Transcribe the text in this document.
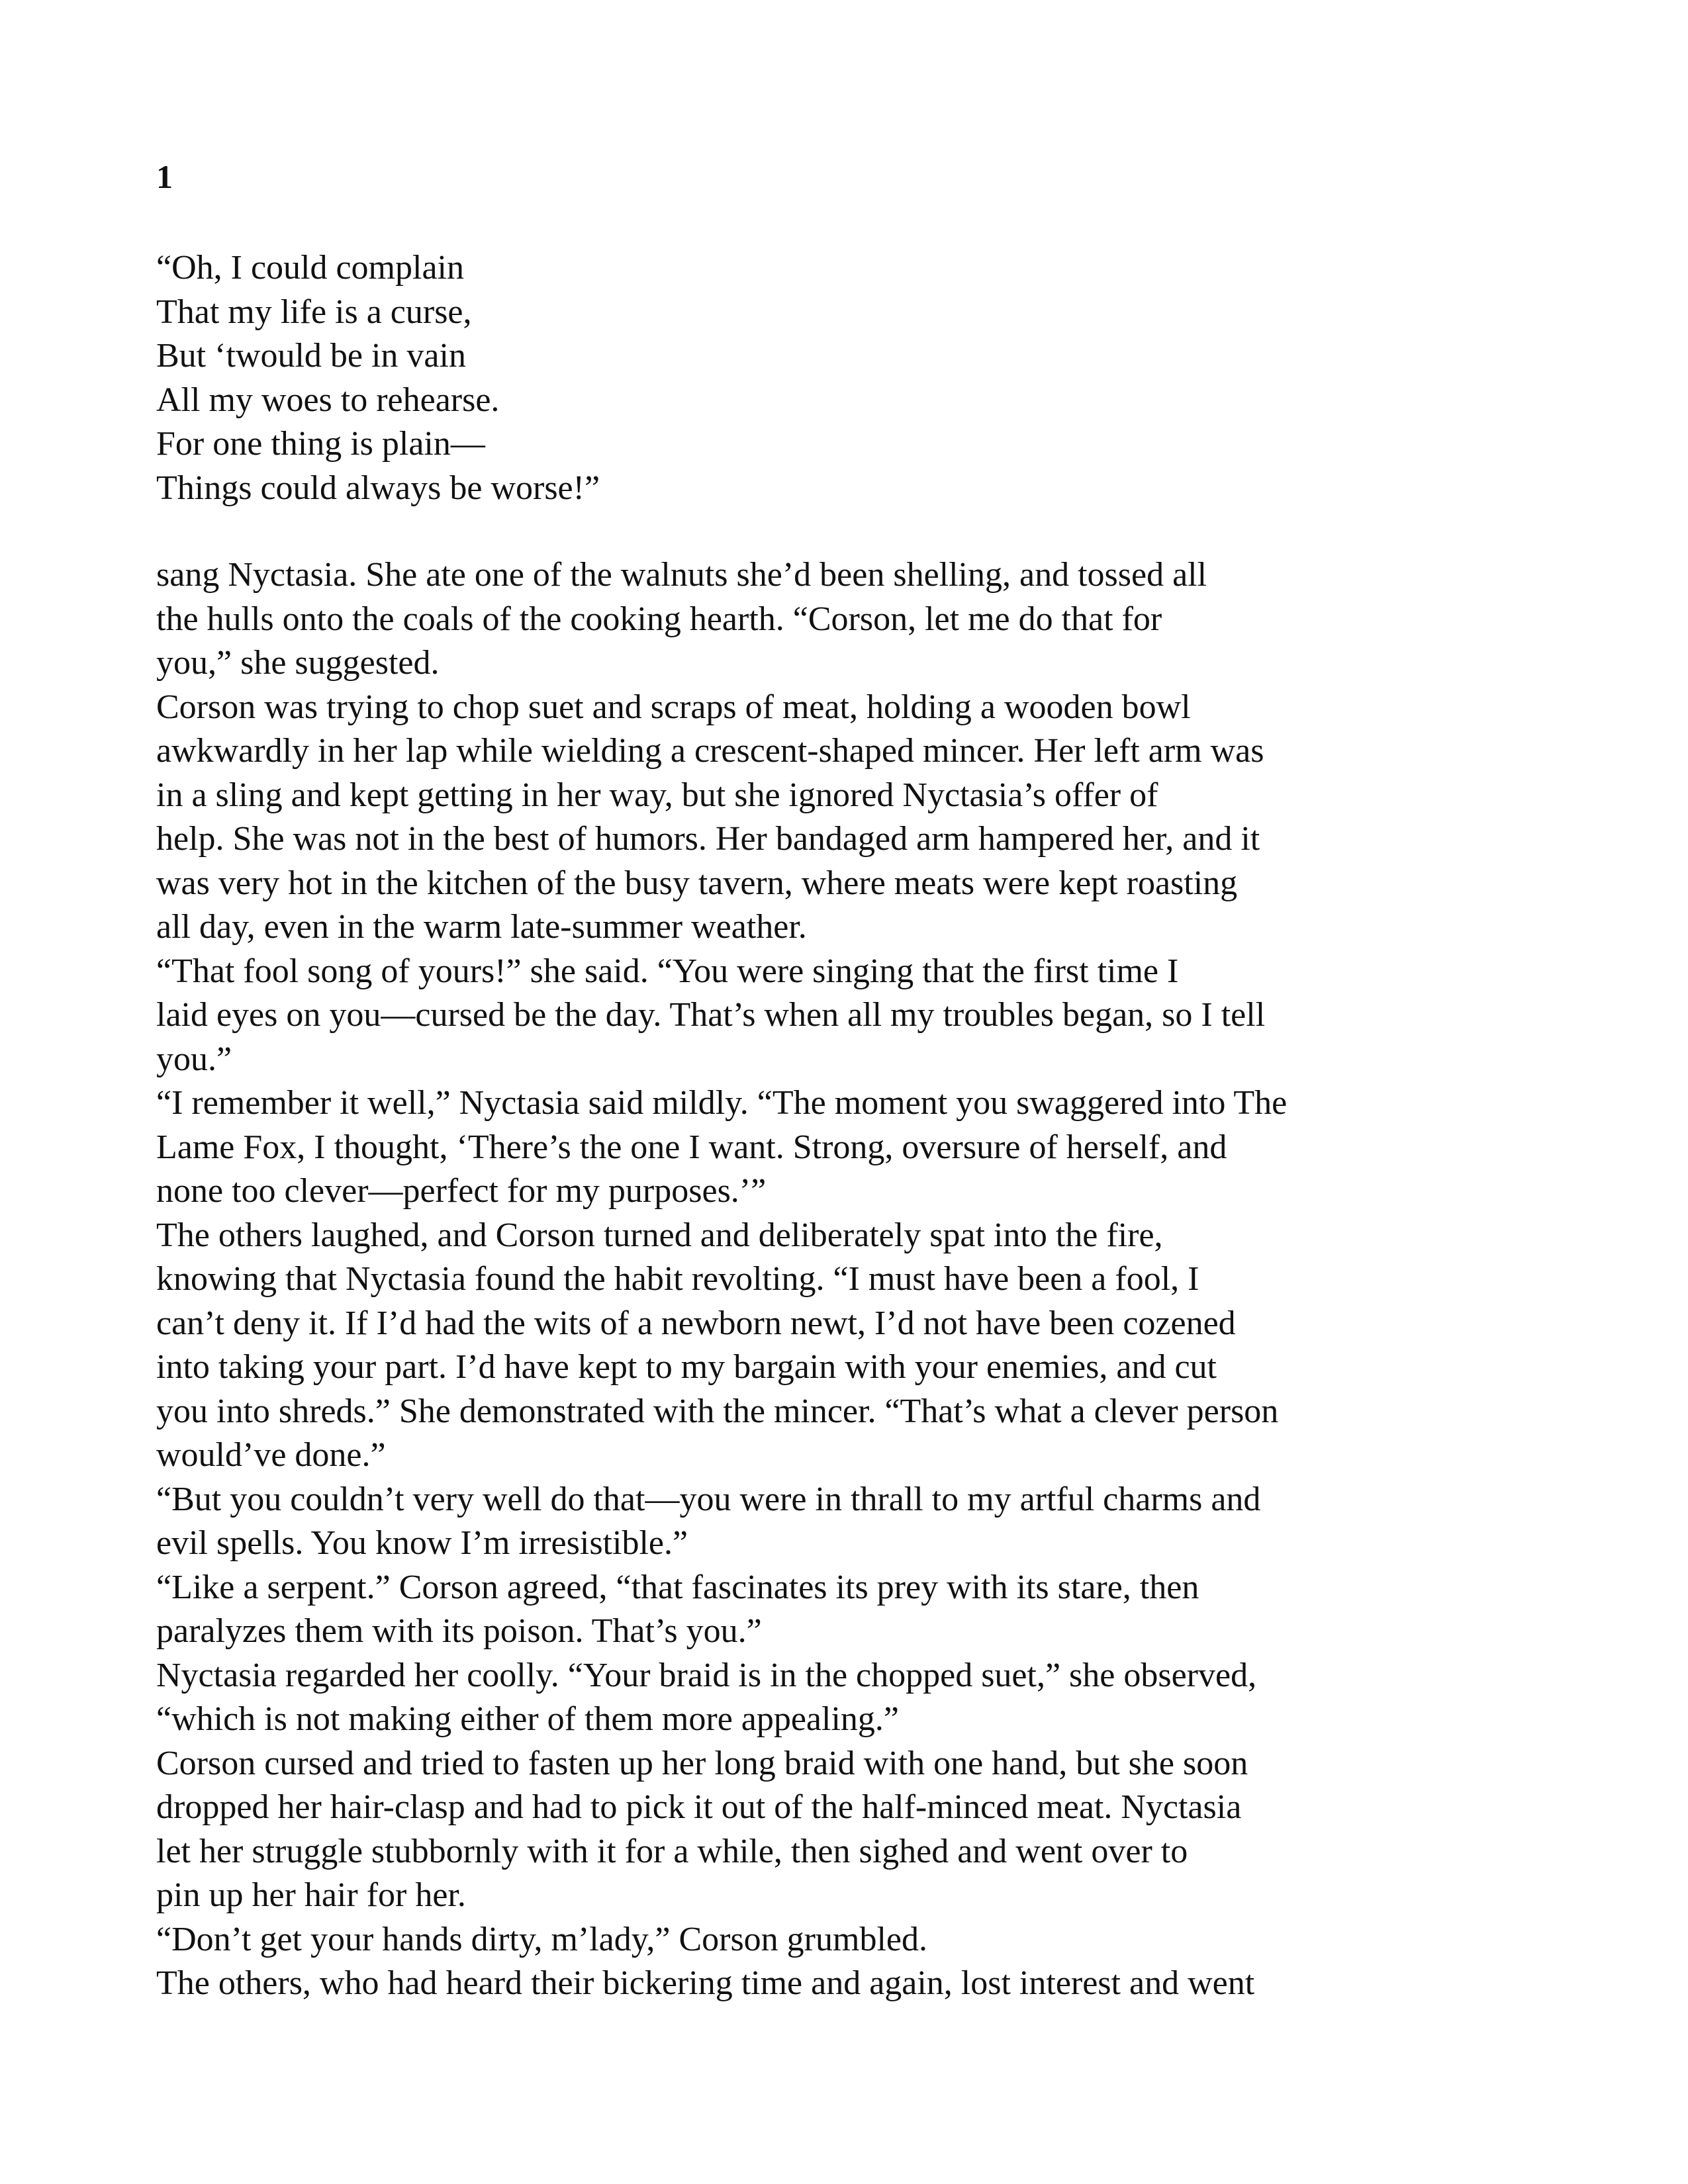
1
“Oh, I could complain
That my life is a curse,
But ‘twould be in vain
All my woes to rehearse.
For one thing is plain—
Things could always be worse!”
sang Nyctasia. She ate one of the walnuts she’d been shelling, and tossed all
the hulls onto the coals of the cooking hearth. “Corson, let me do that for
you,” she suggested.
Corson was trying to chop suet and scraps of meat, holding a wooden bowl
awkwardly in her lap while wielding a crescent-shaped mincer. Her left arm was
in a sling and kept getting in her way, but she ignored Nyctasia’s offer of
help. She was not in the best of humors. Her bandaged arm hampered her, and it
was very hot in the kitchen of the busy tavern, where meats were kept roasting
all day, even in the warm late-summer weather.
“That fool song of yours!” she said. “You were singing that the first time I
laid eyes on you—cursed be the day. That’s when all my troubles began, so I tell
you.”
“I remember it well,” Nyctasia said mildly. “The moment you swaggered into The
Lame Fox, I thought, ‘There’s the one I want. Strong, oversure of herself, and
none too clever—perfect for my purposes.’”
The others laughed, and Corson turned and deliberately spat into the fire,
knowing that Nyctasia found the habit revolting. “I must have been a fool, I
can’t deny it. If I’d had the wits of a newborn newt, I’d not have been cozened
into taking your part. I’d have kept to my bargain with your enemies, and cut
you into shreds.” She demonstrated with the mincer. “That’s what a clever person
would’ve done.”
“But you couldn’t very well do that—you were in thrall to my artful charms and
evil spells. You know I’m irresistible.”
“Like a serpent.” Corson agreed, “that fascinates its prey with its stare, then
paralyzes them with its poison. That’s you.”
Nyctasia regarded her coolly. “Your braid is in the chopped suet,” she observed,
“which is not making either of them more appealing.”
Corson cursed and tried to fasten up her long braid with one hand, but she soon
dropped her hair-clasp and had to pick it out of the half-minced meat. Nyctasia
let her struggle stubbornly with it for a while, then sighed and went over to
pin up her hair for her.
“Don’t get your hands dirty, m’lady,” Corson grumbled.
The others, who had heard their bickering time and again, lost interest and went
